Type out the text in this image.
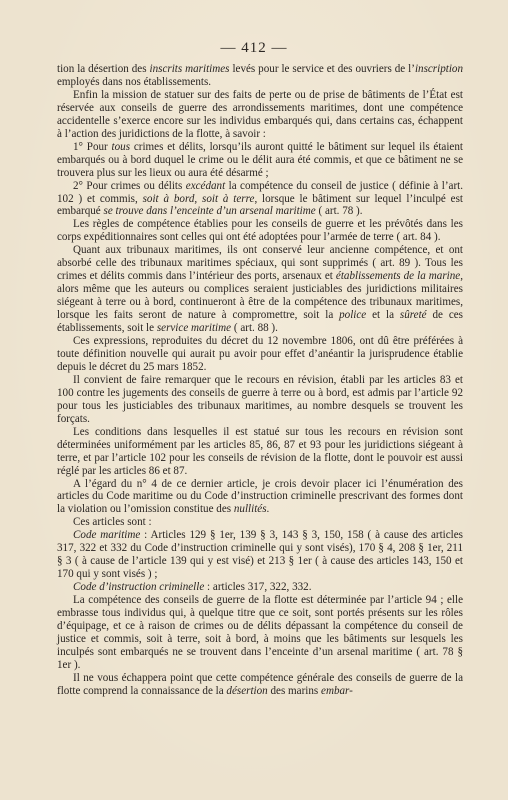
— 412 —

tion la désertion des inscrits maritimes levés pour le service et des ouvriers de l’inscription employés dans nos établissements.

Enfin la mission de statuer sur des faits de perte ou de prise de bâtiments de l’État est réservée aux conseils de guerre des arrondissements maritimes, dont une compétence accidentelle s’exerce encore sur les individus embarqués qui, dans certains cas, échappent à l’action des juridictions de la flotte, à savoir :

1° Pour tous crimes et délits, lorsqu’ils auront quitté le bâtiment sur lequel ils étaient embarqués ou à bord duquel le crime ou le délit aura été commis, et que ce bâtiment ne se trouvera plus sur les lieux ou aura été désarmé ;

2° Pour crimes ou délits excédant la compétence du conseil de justice ( définie à l’art. 102 ) et commis, soit à bord, soit à terre, lorsque le bâtiment sur lequel l’inculpé est embarqué se trouve dans l’enceinte d’un arsenal maritime ( art. 78 ).

Les règles de compétence établies pour les conseils de guerre et les prévôtés dans les corps expéditionnaires sont celles qui ont été adoptées pour l’armée de terre ( art. 84 ).

Quant aux tribunaux maritimes, ils ont conservé leur ancienne compétence, et ont absorbé celle des tribunaux maritimes spéciaux, qui sont supprimés ( art. 89 ). Tous les crimes et délits commis dans l’intérieur des ports, arsenaux et établissements de la marine, alors même que les auteurs ou complices seraient justiciables des juridictions militaires siégeant à terre ou à bord, continueront à être de la compétence des tribunaux maritimes, lorsque les faits seront de nature à compromettre, soit la police et la sûreté de ces établissements, soit le service maritime ( art. 88 ).

Ces expressions, reproduites du décret du 12 novembre 1806, ont dû être préférées à toute définition nouvelle qui aurait pu avoir pour effet d’anéantir la jurisprudence établie depuis le décret du 25 mars 1852.

Il convient de faire remarquer que le recours en révision, établi par les articles 83 et 100 contre les jugements des conseils de guerre à terre ou à bord, est admis par l’article 92 pour tous les justiciables des tribunaux maritimes, au nombre desquels se trouvent les forçats.

Les conditions dans lesquelles il est statué sur tous les recours en révision sont déterminées uniformément par les articles 85, 86, 87 et 93 pour les juridictions siégeant à terre, et par l’article 102 pour les conseils de révision de la flotte, dont le pouvoir est aussi réglé par les articles 86 et 87.

A l’égard du n° 4 de ce dernier article, je crois devoir placer ici l’énumération des articles du Code maritime ou du Code d’instruction criminelle prescrivant des formes dont la violation ou l’omission constitue des nullités.

Ces articles sont :

Code maritime : Articles 129 § 1er, 139 § 3, 143 § 3, 150, 158 ( à cause des articles 317, 322 et 332 du Code d’instruction criminelle qui y sont visés), 170 § 4, 208 § 1er, 211 § 3 ( à cause de l’article 139 qui y est visé) et 213 § 1er ( à cause des articles 143, 150 et 170 qui y sont visés ) ;

Code d’instruction criminelle : articles 317, 322, 332.

La compétence des conseils de guerre de la flotte est déterminée par l’article 94 ; elle embrasse tous individus qui, à quelque titre que ce soit, sont portés présents sur les rôles d’équipage, et ce à raison de crimes ou de délits dépassant la compétence du conseil de justice et commis, soit à terre, soit à bord, à moins que les bâtiments sur lesquels les inculpés sont embarqués ne se trouvent dans l’enceinte d’un arsenal maritime ( art. 78 § 1er ).

Il ne vous échappera point que cette compétence générale des conseils de guerre de la flotte comprend la connaissance de la désertion des marins embar-
